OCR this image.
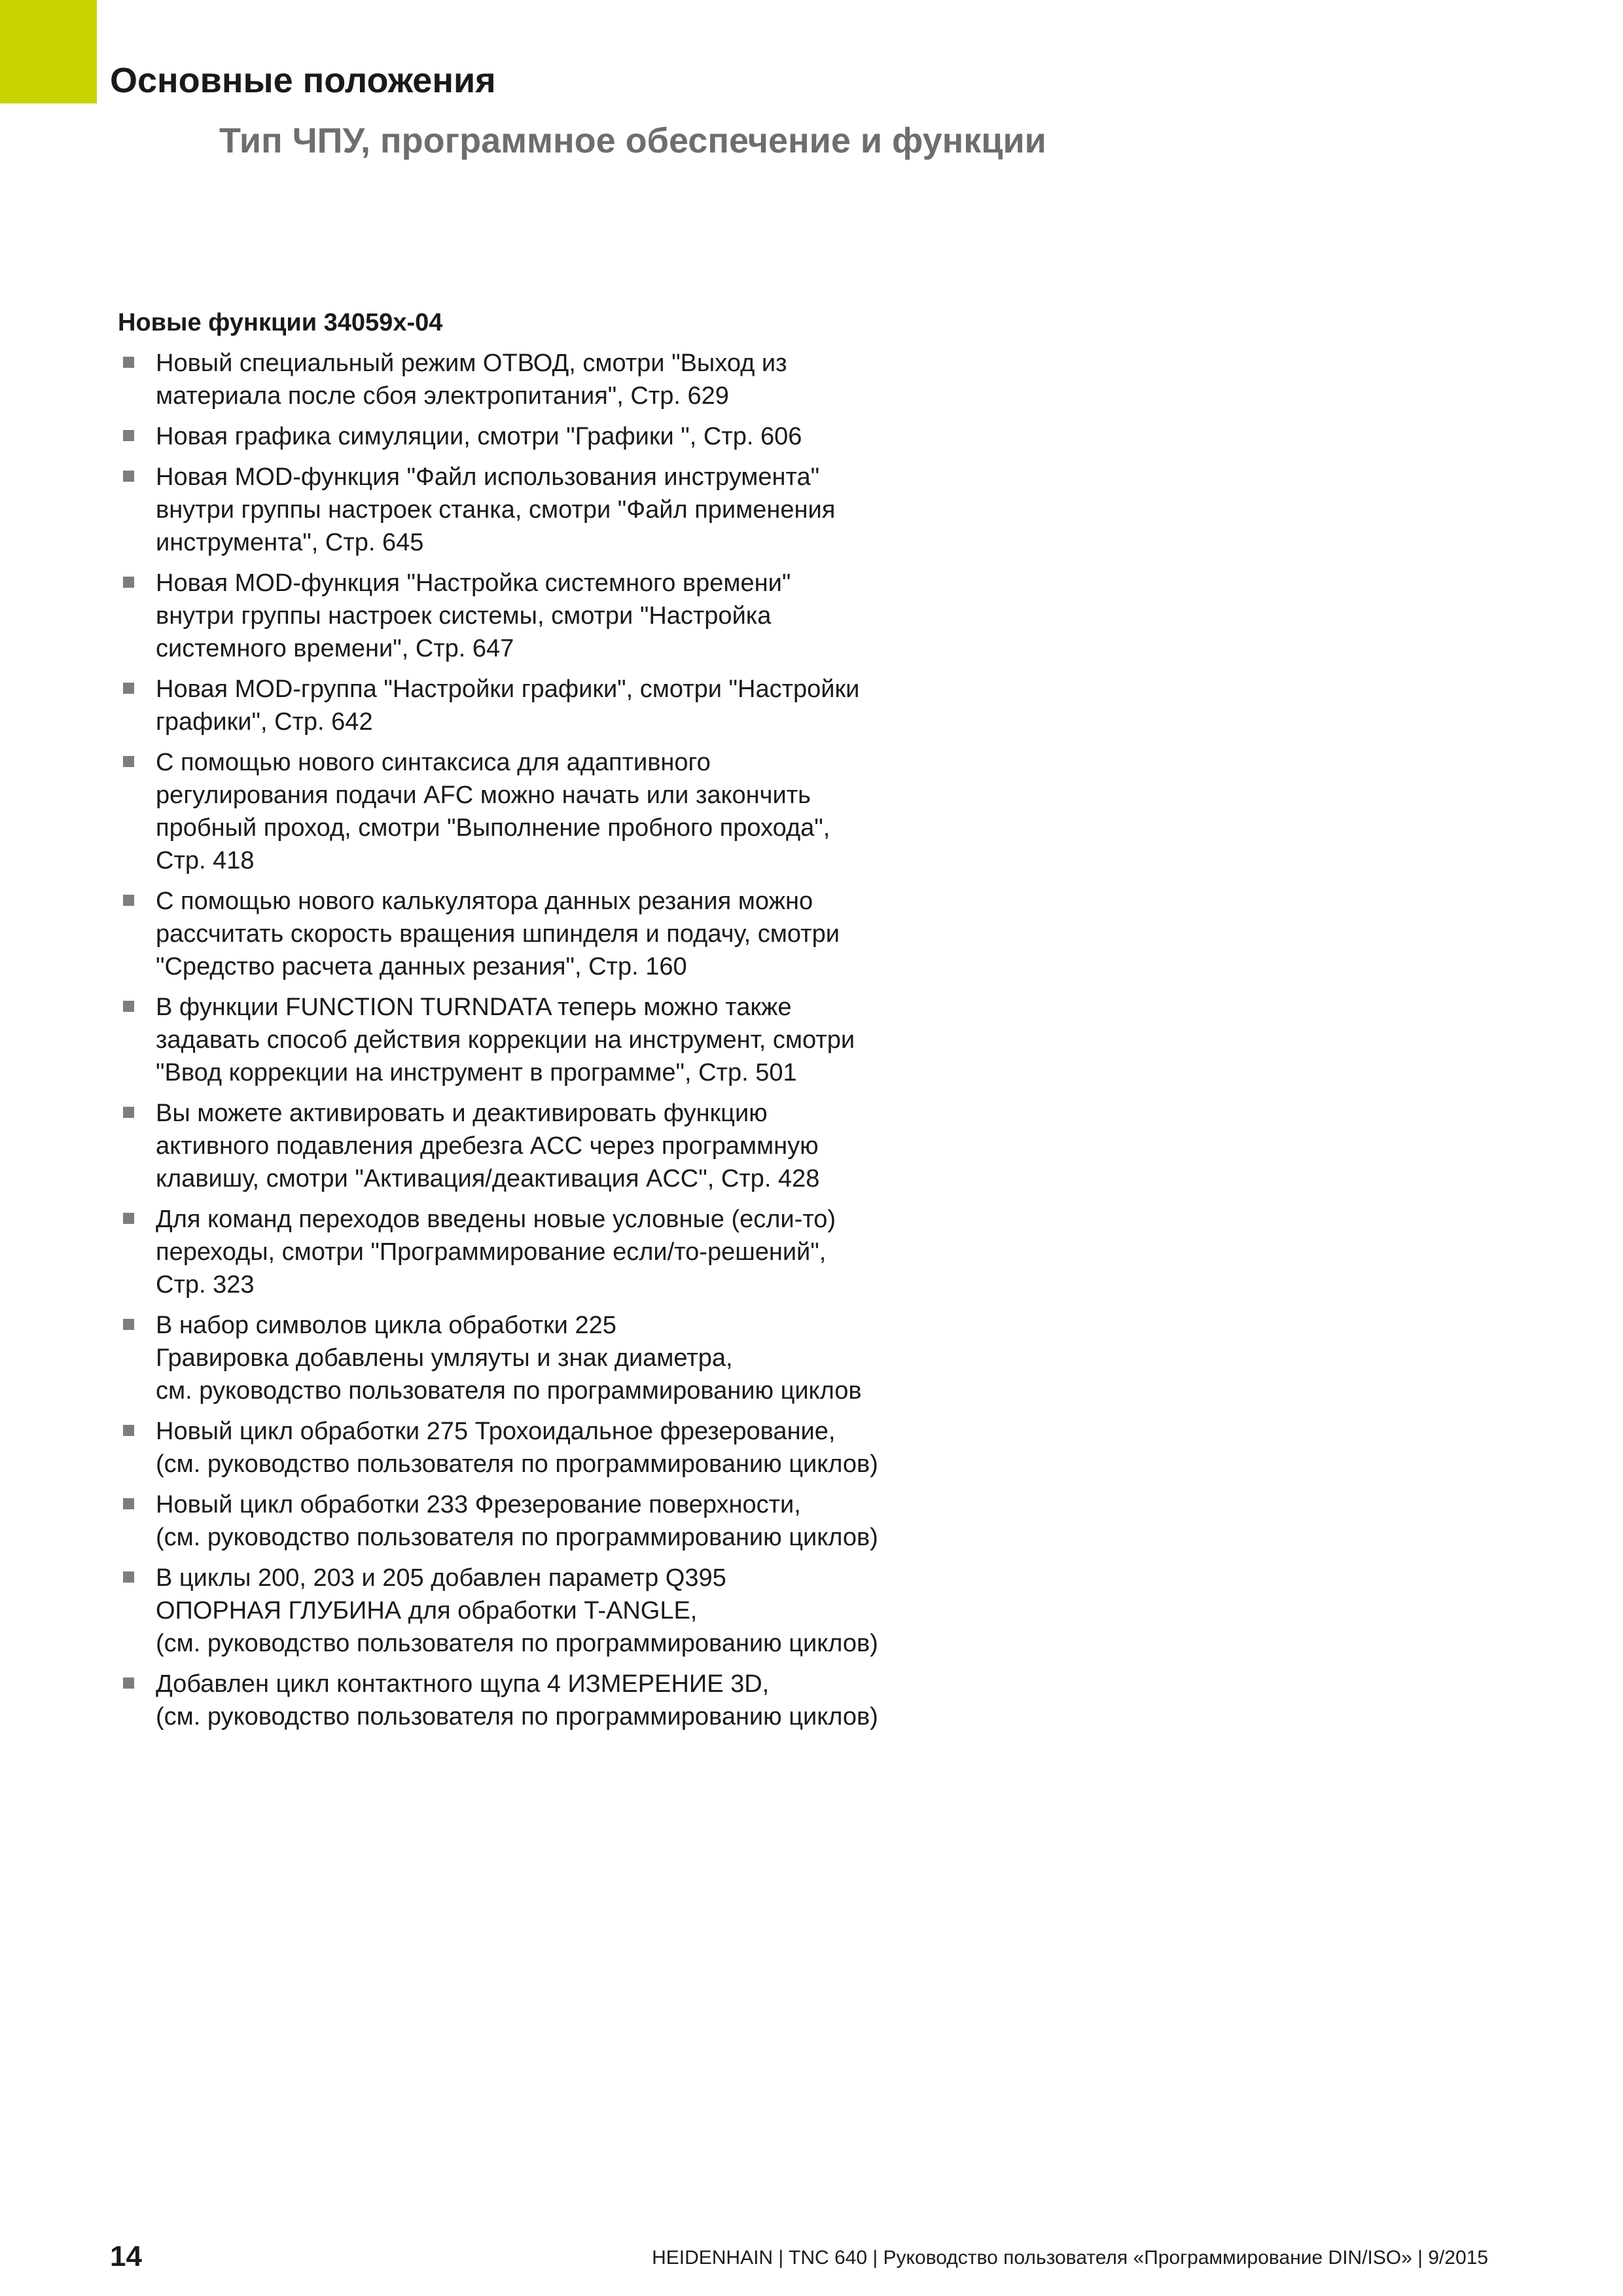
Основные положения
Тип ЧПУ, программное обеспечение и функции
Новые функции 34059x-04
Новый специальный режим ОТВОД, смотри "Выход из
материала после сбоя электропитания", Стр. 629
Новая графика симуляции, смотри "Графики ", Стр. 606
Новая MOD-функция "Файл использования инструмента"
внутри группы настроек станка, смотри "Файл применения
инструмента", Стр. 645
Новая MOD-функция "Настройка системного времени"
внутри группы настроек системы, смотри "Настройка
системного времени", Стр. 647
Новая MOD-группа "Настройки графики", смотри "Настройки
графики", Стр. 642
С помощью нового синтаксиса для адаптивного
регулирования подачи AFC можно начать или закончить
пробный проход, смотри "Выполнение пробного прохода",
Стр. 418
С помощью нового калькулятора данных резания можно
рассчитать скорость вращения шпинделя и подачу, смотри
"Средство расчета данных резания", Стр. 160
В функции FUNCTION TURNDATA теперь можно также
задавать способ действия коррекции на инструмент, смотри
"Ввод коррекции на инструмент в программе", Стр. 501
Вы можете активировать и деактивировать функцию
активного подавления дребезга ACC через программную
клавишу, смотри "Активация/деактивация ACC", Стр. 428
Для команд переходов введены новые условные (если-то)
переходы, смотри "Программирование если/то-решений",
Стр. 323
В набор символов цикла обработки 225
Гравировка добавлены умляуты и знак диаметра,
см. руководство пользователя по программированию циклов
Новый цикл обработки 275 Трохоидальное фрезерование,
(см. руководство пользователя по программированию циклов)
Новый цикл обработки 233 Фрезерование поверхности,
(см. руководство пользователя по программированию циклов)
В циклы 200, 203 и 205 добавлен параметр Q395
ОПОРНАЯ ГЛУБИНА для обработки T-ANGLE,
(см. руководство пользователя по программированию циклов)
Добавлен цикл контактного щупа 4 ИЗМЕРЕНИЕ 3D,
(см. руководство пользователя по программированию циклов)
14	HEIDENHAIN | TNC 640 | Руководство пользователя «Программирование DIN/ISO» | 9/2015
